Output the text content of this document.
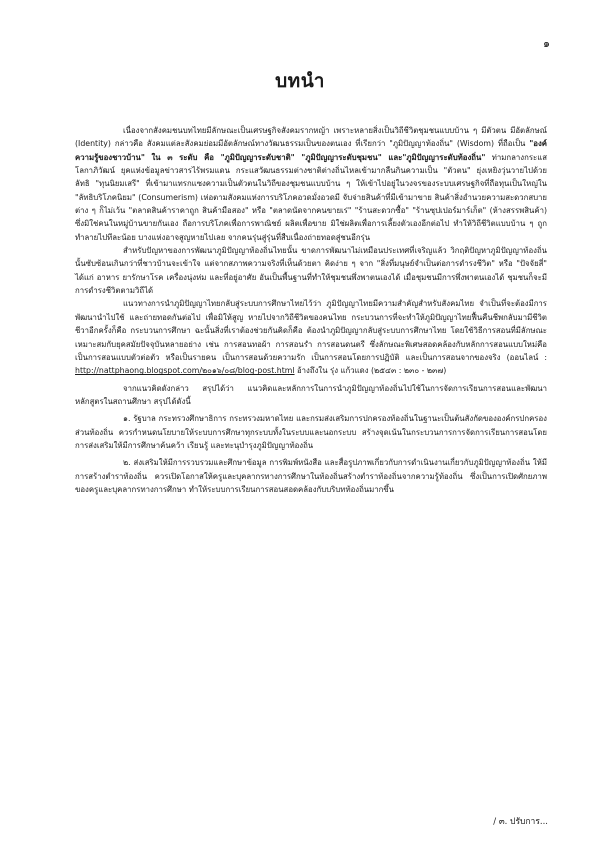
๑
บทนำ

เนื่องจากสังคมชนบทไทยมีลักษณะเป็นเศรษฐกิจสังคมรากหญ้า เพราะหลายสิ่งเป็นวิถีชีวิตชุมชนแบบบ้าน ๆ มีตัวตน มีอัตลักษณ์ (Identity) กล่าวคือ สังคมแต่ละสังคมย่อมมีอัตลักษณ์ทางวัฒนธรรมเป็นของตนเอง ที่เรียกว่า "ภูมิปัญญาท้องถิ่น" (Wisdom) ที่ถือเป็น "องค์ความรู้ของชาวบ้าน" ใน ๓ ระดับ คือ "ภูมิปัญญาระดับชาติ" "ภูมิปัญญาระดับชุมชน" และ"ภูมิปัญญาระดับท้องถิ่น" ท่ามกลางกระแสโลกาภิวัฒน์ ยุคแห่งข้อมูลข่าวสารไร้พรมแดน กระแสวัฒนธรรมต่างชาติต่างถิ่นไหลเข้ามากลืนกินความเป็น "ตัวตน" ยุ่งเหยิงวุ่นวายไปด้วยลัทธิ "ทุนนิยมเสรี" ที่เข้ามาแทรกแซงความเป็นตัวตนในวิถีของชุมชนแบบบ้าน ๆ ให้เข้าไปอยู่ในวงจรของระบบเศรษฐกิจที่ถือทุนเป็นใหญ่ใน "ลัทธิบริโภคนิยม" (Consumerism) เห่อตามสังคมแห่งการบริโภคอวดมั่งอวดมี จับจ่ายสินค้าที่มีเข้ามาขาย สินค้าสิ่งอำนวยความสะดวกสบายต่าง ๆ ก็ไม่เว้น "ตลาดสินค้าราคาถูก สินค้ามือสอง" หรือ "ตลาดนัดจากคนขายเร่" "ร้านสะดวกซื้อ" "ร้านซุปเปอร์มาร์เก็ต" (ห้างสรรพสินค้า) ซึ่งมิใช่คนในหมู่บ้านขายกันเอง ถือการบริโภคเพื่อการพาณิชย์ ผลิตเพื่อขาย มิใช่ผลิตเพื่อการเลี้ยงตัวเองอีกต่อไป ทำให้วิถีชีวิตแบบบ้าน ๆ ถูกทำลายไปทีละน้อย บางแห่งอาจสูญหายไปเลย จากคนรุ่นสู่รุ่นที่สืบเนื่องถ่ายทอดสู่ชนอีกรุ่น

สำหรับปัญหาของการพัฒนาภูมิปัญญาท้องถิ่นไทยนั้น ขาดการพัฒนาไม่เหมือนประเทศที่เจริญแล้ว วิกฤติปัญหาภูมิปัญญาท้องถิ่นนั้นซับซ้อนเกินกว่าที่ชาวบ้านจะเข้าใจ แต่จากสภาพความจริงที่เห็นด้วยตา คิดง่าย ๆ จาก "สิ่งที่มนุษย์จำเป็นต่อการดำรงชีวิต" หรือ "ปัจจัยสี่" ได้แก่ อาหาร ยารักษาโรค เครื่องนุ่งห่ม และที่อยู่อาศัย อันเป็นพื้นฐานที่ทำให้ชุมชนพึ่งพาตนเองได้ เมื่อชุมชนมีการพึ่งพาตนเองได้ ชุมชนก็จะมีการดำรงชีวิตตามวิถีได้

แนวทางการนำภูมิปัญญาไทยกลับสู่ระบบการศึกษาไทยไว้ว่า ภูมิปัญญาไทยมีความสำคัญสำหรับสังคมไทย จำเป็นที่จะต้องมีการพัฒนานำไปใช้ และถ่ายทอดกันต่อไป เพื่อมิให้สูญ หายไปจากวิถีชีวิตของคนไทย กระบวนการที่จะทำให้ภูมิปัญญาไทยฟื้นคืนชีพกลับมามีชีวิตชีวาอีกครั้งก็คือ กระบวนการศึกษา ฉะนั้นสิ่งที่เราต้องช่วยกันคิดก็คือ ต้องนำภูมิปัญญากลับสู่ระบบการศึกษาไทย โดยใช้วิธีการสอนที่มีลักษณะเหมาะสมกับยุคสมัยปัจจุบันหลายอย่าง เช่น การสอนทอผ้า การสอนรำ การสอนดนตรี ซึ่งลักษณะพิเศษสอดคล้องกับหลักการสอนแบบใหม่คือ เป็นการสอนแบบตัวต่อตัว หรือเป็นรายคน เป็นการสอนด้วยความรัก เป็นการสอนโดยการปฏิบัติ และเป็นการสอนจากของจริง (ออนไลน์ : http://nattphaong.blogspot.com/๒๐๑๖/๐๘/blog-post.html อ้างถึงใน รุ่ง แก้วแดง (๒๕๔๓ : ๒๓๐ - ๒๓๗)

จากแนวคิดดังกล่าว สรุปได้ว่า แนวคิดและหลักการในการนำภูมิปัญญาท้องถิ่นไปใช้ในการจัดการเรียนการสอนและพัฒนาหลักสูตรในสถานศึกษา สรุปได้ดังนี้

๑. รัฐบาล กระทรวงศึกษาธิการ กระทรวงมหาดไทย และกรมส่งเสริมการปกครองท้องถิ่นในฐานะเป็นต้นสังกัดขององค์กรปกครองส่วนท้องถิ่น ควรกำหนดนโยบายให้ระบบการศึกษาทุกระบบทั้งในระบบและนอกระบบ สร้างจุดเน้นในกระบวนการการจัดการเรียนการสอนโดยการส่งเสริมให้มีการศึกษาค้นคว้า เรียนรู้ และทะนุบำรุงภูมิปัญญาท้องถิ่น

๒. ส่งเสริมให้มีการรวบรวมและศึกษาข้อมูล การพิมพ์หนังสือ และสื่อรูปภาพเกี่ยวกับการดำเนินงานเกี่ยวกับภูมิปัญญาท้องถิ่น ให้มีการสร้างตำราท้องถิ่น ควรเปิดโอกาสให้ครูและบุคลากรทางการศึกษาในท้องถิ่นสร้างตำราท้องถิ่นจากความรู้ท้องถิ่น ซึ่งเป็นการเปิดศักยภาพของครูและบุคลากรทางการศึกษา ทำให้ระบบการเรียนการสอนสอดคล้องกับบริบทท้องถิ่นมากขึ้น

/ ๓. ปรับการ...
